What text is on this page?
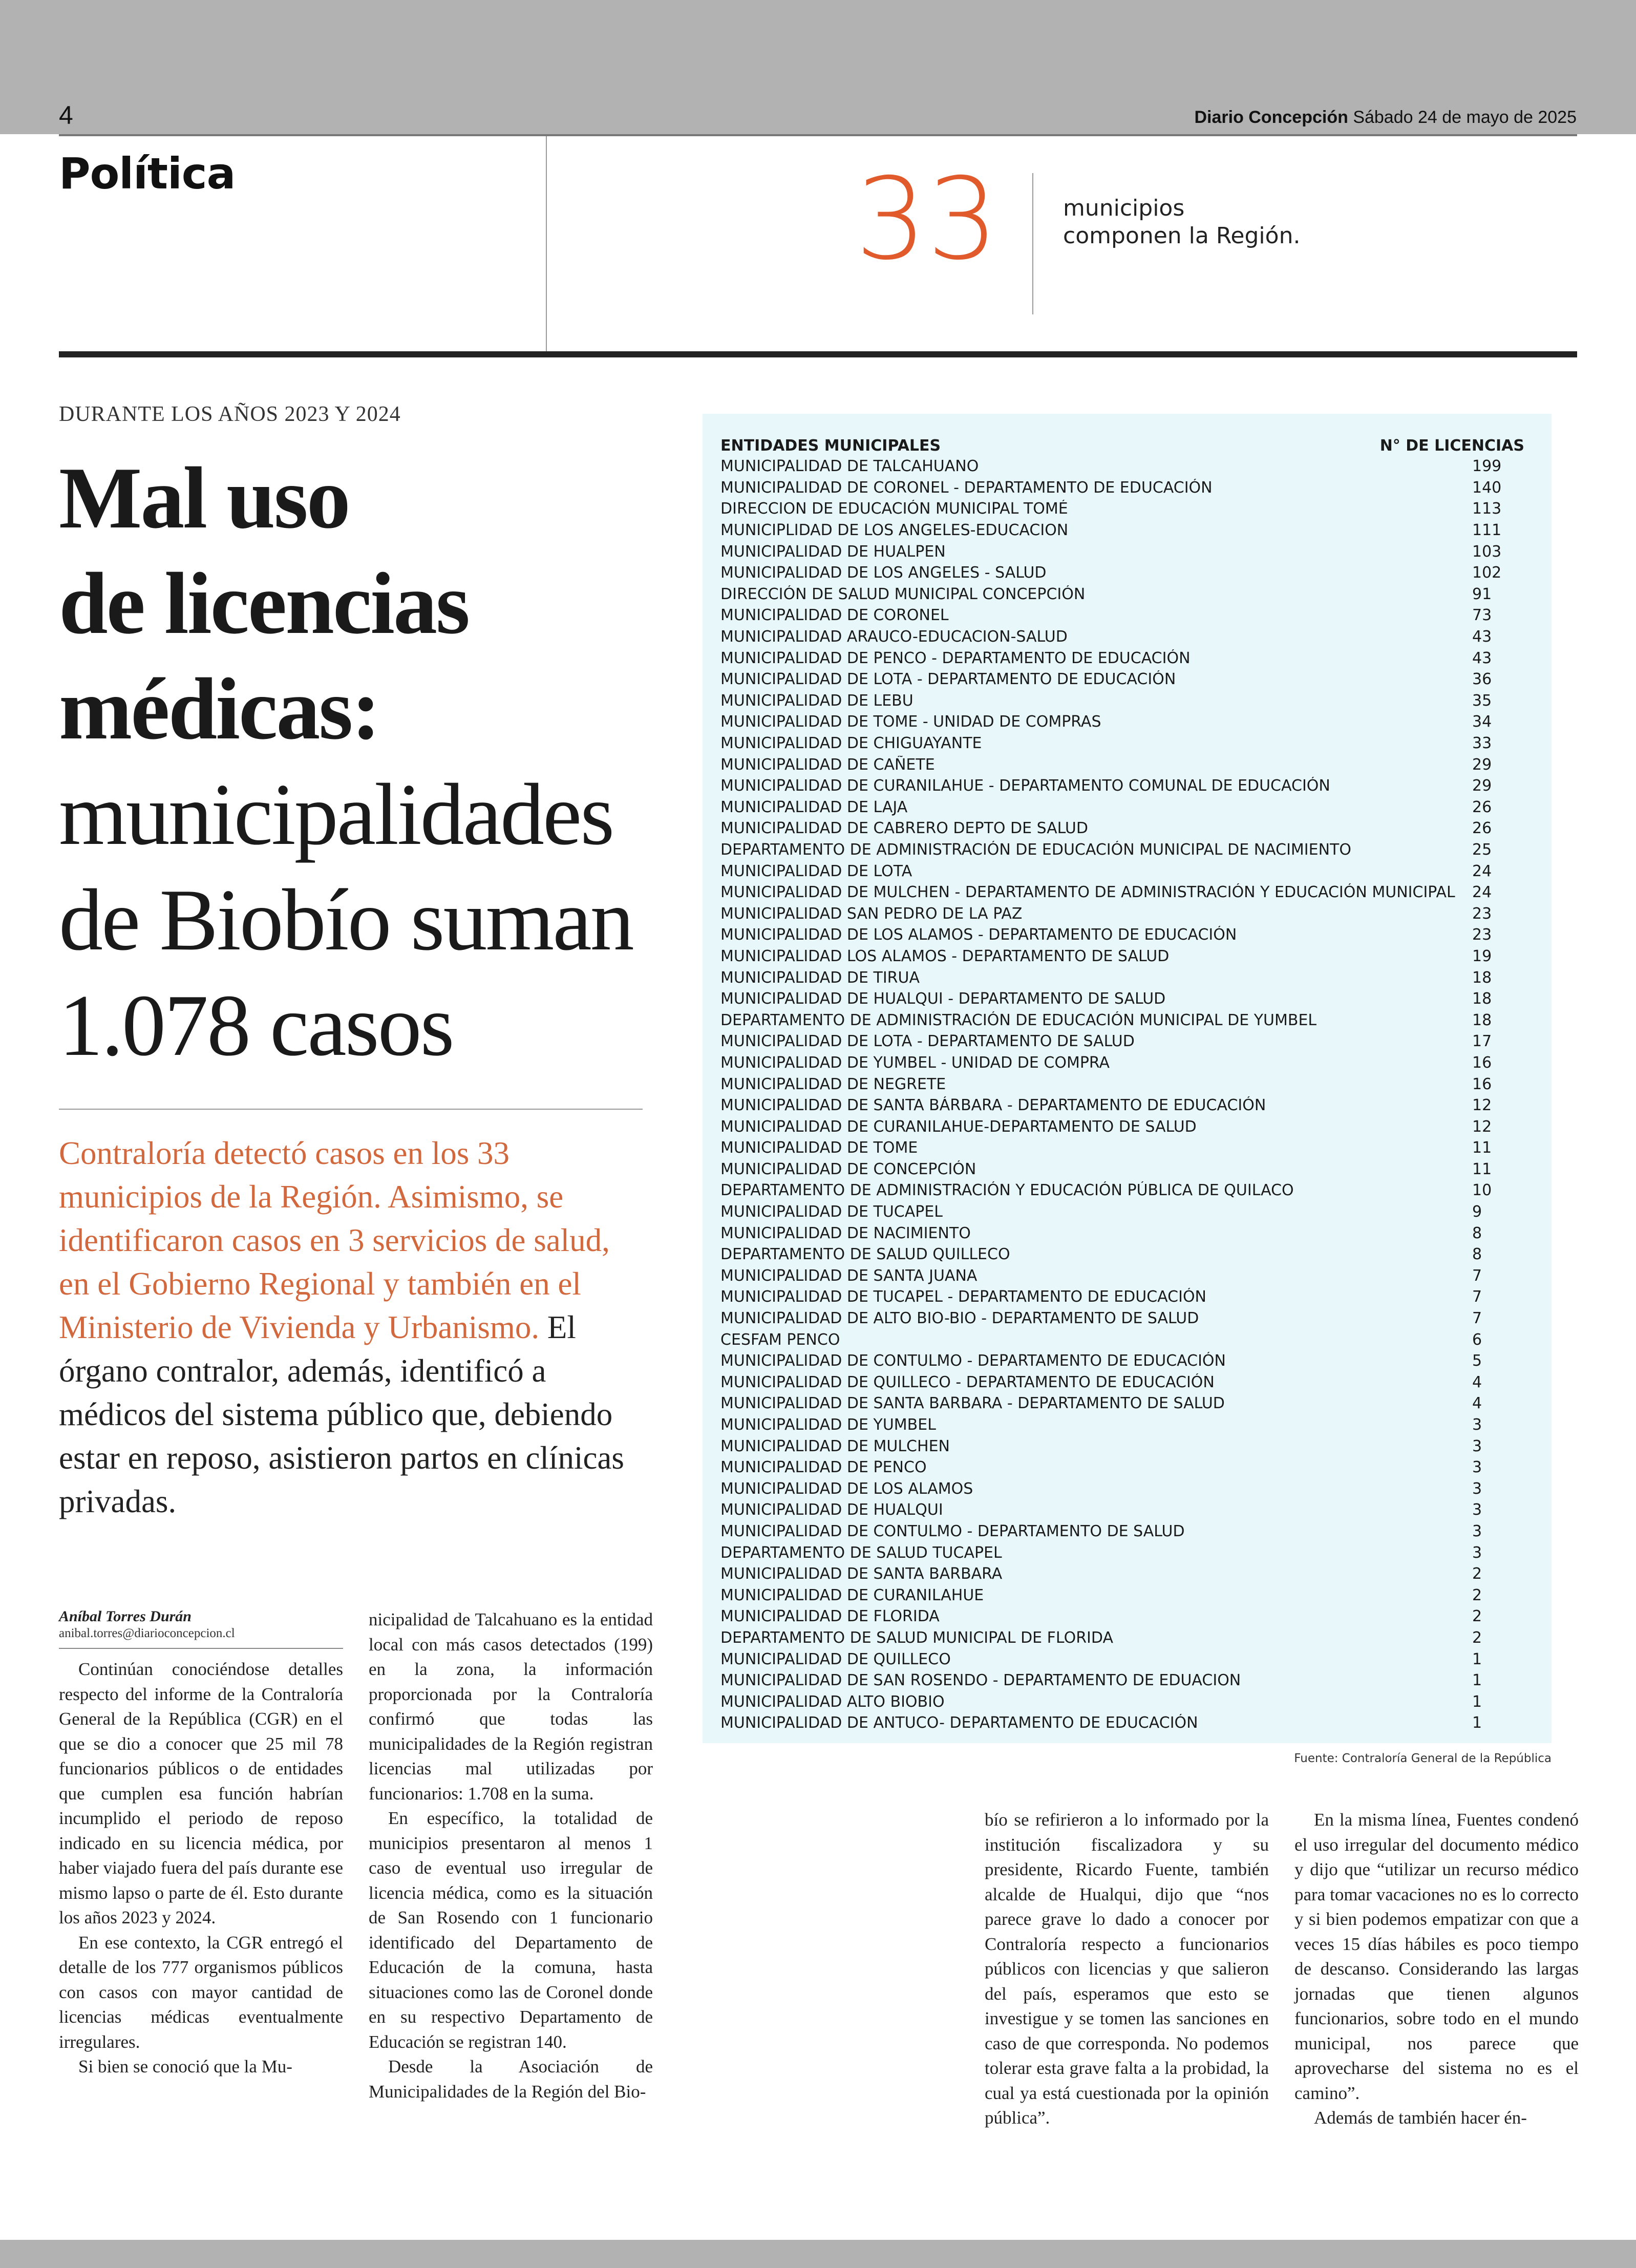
4	Diario Concepción Sábado 24 de mayo de 2025
Política	33	municipios
componen la Región.
DURANTE LOS AÑOS 2023 Y 2024
Mal uso
de licencias
médicas:
municipalidades
de Biobío suman
1.078 casos
Contraloría detectó casos en los 33 municipios de la Región. Asimismo, se identificaron casos en 3 servicios de salud, en el Gobierno Regional y también en el Ministerio de Vivienda y Urbanismo. El órgano contralor, además, identificó a médicos del sistema público que, debiendo estar en reposo, asistieron partos en clínicas privadas.
Aníbal Torres Durán
anibal.torres@diarioconcepcion.cl

Continúan conociéndose detalles respecto del informe de la Contraloría General de la República (CGR) en el que se dio a conocer que 25 mil 78 funcionarios públicos o de entidades que cumplen esa función habrían incumplido el periodo de reposo indicado en su licencia médica, por haber viajado fuera del país durante ese mismo lapso o parte de él. Esto durante los años 2023 y 2024.

En ese contexto, la CGR entregó el detalle de los 777 organismos públicos con casos con mayor cantidad de licencias médicas eventualmente irregulares.

Si bien se conoció que la Mu-

nicipalidad de Talcahuano es la entidad local con más casos detectados (199) en la zona, la información proporcionada por la Contraloría confirmó que todas las municipalidades de la Región registran licencias mal utilizadas por funcionarios: 1.708 en la suma.

En específico, la totalidad de municipios presentaron al menos 1 caso de eventual uso irregular de licencia médica, como es la situación de San Rosendo con 1 funcionario identificado del Departamento de Educación de la comuna, hasta situaciones como las de Coronel donde en su respectivo Departamento de Educación se registran 140.

Desde la Asociación de Municipalidades de la Región del Bio-

bío se refirieron a lo informado por la institución fiscalizadora y su presidente, Ricardo Fuente, también alcalde de Hualqui, dijo que “nos parece grave lo dado a conocer por Contraloría respecto a funcionarios públicos con licencias y que salieron del país, esperamos que esto se investigue y se tomen las sanciones en caso de que corresponda. No podemos tolerar esta grave falta a la probidad, la cual ya está cuestionada por la opinión pública”.

En la misma línea, Fuentes condenó el uso irregular del documento médico y dijo que “utilizar un recurso médico para tomar vacaciones no es lo correcto y si bien podemos empatizar con que a veces 15 días hábiles es poco tiempo de descanso. Considerando las largas jornadas que tienen algunos funcionarios, sobre todo en el mundo municipal, nos parece que aprovecharse del sistema no es el camino”.

Además de también hacer én-

ENTIDADES MUNICIPALES	N° DE LICENCIAS
MUNICIPALIDAD DE TALCAHUANO	199
MUNICIPALIDAD DE CORONEL - DEPARTAMENTO DE EDUCACIÓN	140
DIRECCION DE EDUCACIÓN MUNICIPAL TOMÉ	113
MUNICIPLIDAD DE LOS ANGELES-EDUCACION	111
MUNICIPALIDAD DE HUALPEN	103
MUNICIPALIDAD DE LOS ANGELES - SALUD	102
DIRECCIÓN DE SALUD MUNICIPAL CONCEPCIÓN	91
MUNICIPALIDAD DE CORONEL	73
MUNICIPALIDAD ARAUCO-EDUCACION-SALUD	43
MUNICIPALIDAD DE PENCO - DEPARTAMENTO DE EDUCACIÓN	43
MUNICIPALIDAD DE LOTA - DEPARTAMENTO DE EDUCACIÓN	36
MUNICIPALIDAD DE LEBU	35
MUNICIPALIDAD DE TOME - UNIDAD DE COMPRAS	34
MUNICIPALIDAD DE CHIGUAYANTE	33
MUNICIPALIDAD DE CAÑETE	29
MUNICIPALIDAD DE CURANILAHUE - DEPARTAMENTO COMUNAL DE EDUCACIÓN	29
MUNICIPALIDAD DE LAJA	26
MUNICIPALIDAD DE CABRERO DEPTO DE SALUD	26
DEPARTAMENTO DE ADMINISTRACIÓN DE EDUCACIÓN MUNICIPAL DE NACIMIENTO	25
MUNICIPALIDAD DE LOTA	24
MUNICIPALIDAD DE MULCHEN - DEPARTAMENTO DE ADMINISTRACIÓN Y EDUCACIÓN MUNICIPAL	24
MUNICIPALIDAD SAN PEDRO DE LA PAZ	23
MUNICIPALIDAD DE LOS ALAMOS - DEPARTAMENTO DE EDUCACIÓN	23
MUNICIPALIDAD LOS ALAMOS - DEPARTAMENTO DE SALUD	19
MUNICIPALIDAD DE TIRUA	18
MUNICIPALIDAD DE HUALQUI - DEPARTAMENTO DE SALUD	18
DEPARTAMENTO DE ADMINISTRACIÓN DE EDUCACIÓN MUNICIPAL DE YUMBEL	18
MUNICIPALIDAD DE LOTA - DEPARTAMENTO DE SALUD	17
MUNICIPALIDAD DE YUMBEL - UNIDAD DE COMPRA	16
MUNICIPALIDAD DE NEGRETE	16
MUNICIPALIDAD DE SANTA BÁRBARA - DEPARTAMENTO DE EDUCACIÓN	12
MUNICIPALIDAD DE CURANILAHUE-DEPARTAMENTO DE SALUD	12
MUNICIPALIDAD DE TOME	11
MUNICIPALIDAD DE CONCEPCIÓN	11
DEPARTAMENTO DE ADMINISTRACIÓN Y EDUCACIÓN PÚBLICA DE QUILACO	10
MUNICIPALIDAD DE TUCAPEL	9
MUNICIPALIDAD DE NACIMIENTO	8
DEPARTAMENTO DE SALUD QUILLECO	8
MUNICIPALIDAD DE SANTA JUANA	7
MUNICIPALIDAD DE TUCAPEL - DEPARTAMENTO DE EDUCACIÓN	7
MUNICIPALIDAD DE ALTO BIO-BIO - DEPARTAMENTO DE SALUD	7
CESFAM PENCO	6
MUNICIPALIDAD DE CONTULMO - DEPARTAMENTO DE EDUCACIÓN	5
MUNICIPALIDAD DE QUILLECO - DEPARTAMENTO DE EDUCACIÓN	4
MUNICIPALIDAD DE SANTA BARBARA - DEPARTAMENTO DE SALUD	4
MUNICIPALIDAD DE YUMBEL	3
MUNICIPALIDAD DE MULCHEN	3
MUNICIPALIDAD DE PENCO	3
MUNICIPALIDAD DE LOS ALAMOS	3
MUNICIPALIDAD DE HUALQUI	3
MUNICIPALIDAD DE CONTULMO - DEPARTAMENTO DE SALUD	3
DEPARTAMENTO DE SALUD TUCAPEL	3
MUNICIPALIDAD DE SANTA BARBARA	2
MUNICIPALIDAD DE CURANILAHUE	2
MUNICIPALIDAD DE FLORIDA	2
DEPARTAMENTO DE SALUD MUNICIPAL DE FLORIDA	2
MUNICIPALIDAD DE QUILLECO	1
MUNICIPALIDAD DE SAN ROSENDO - DEPARTAMENTO DE EDUACION	1
MUNICIPALIDAD ALTO BIOBIO	1
MUNICIPALIDAD DE ANTUCO- DEPARTAMENTO DE EDUCACIÓN	1
Fuente: Contraloría General de la República
